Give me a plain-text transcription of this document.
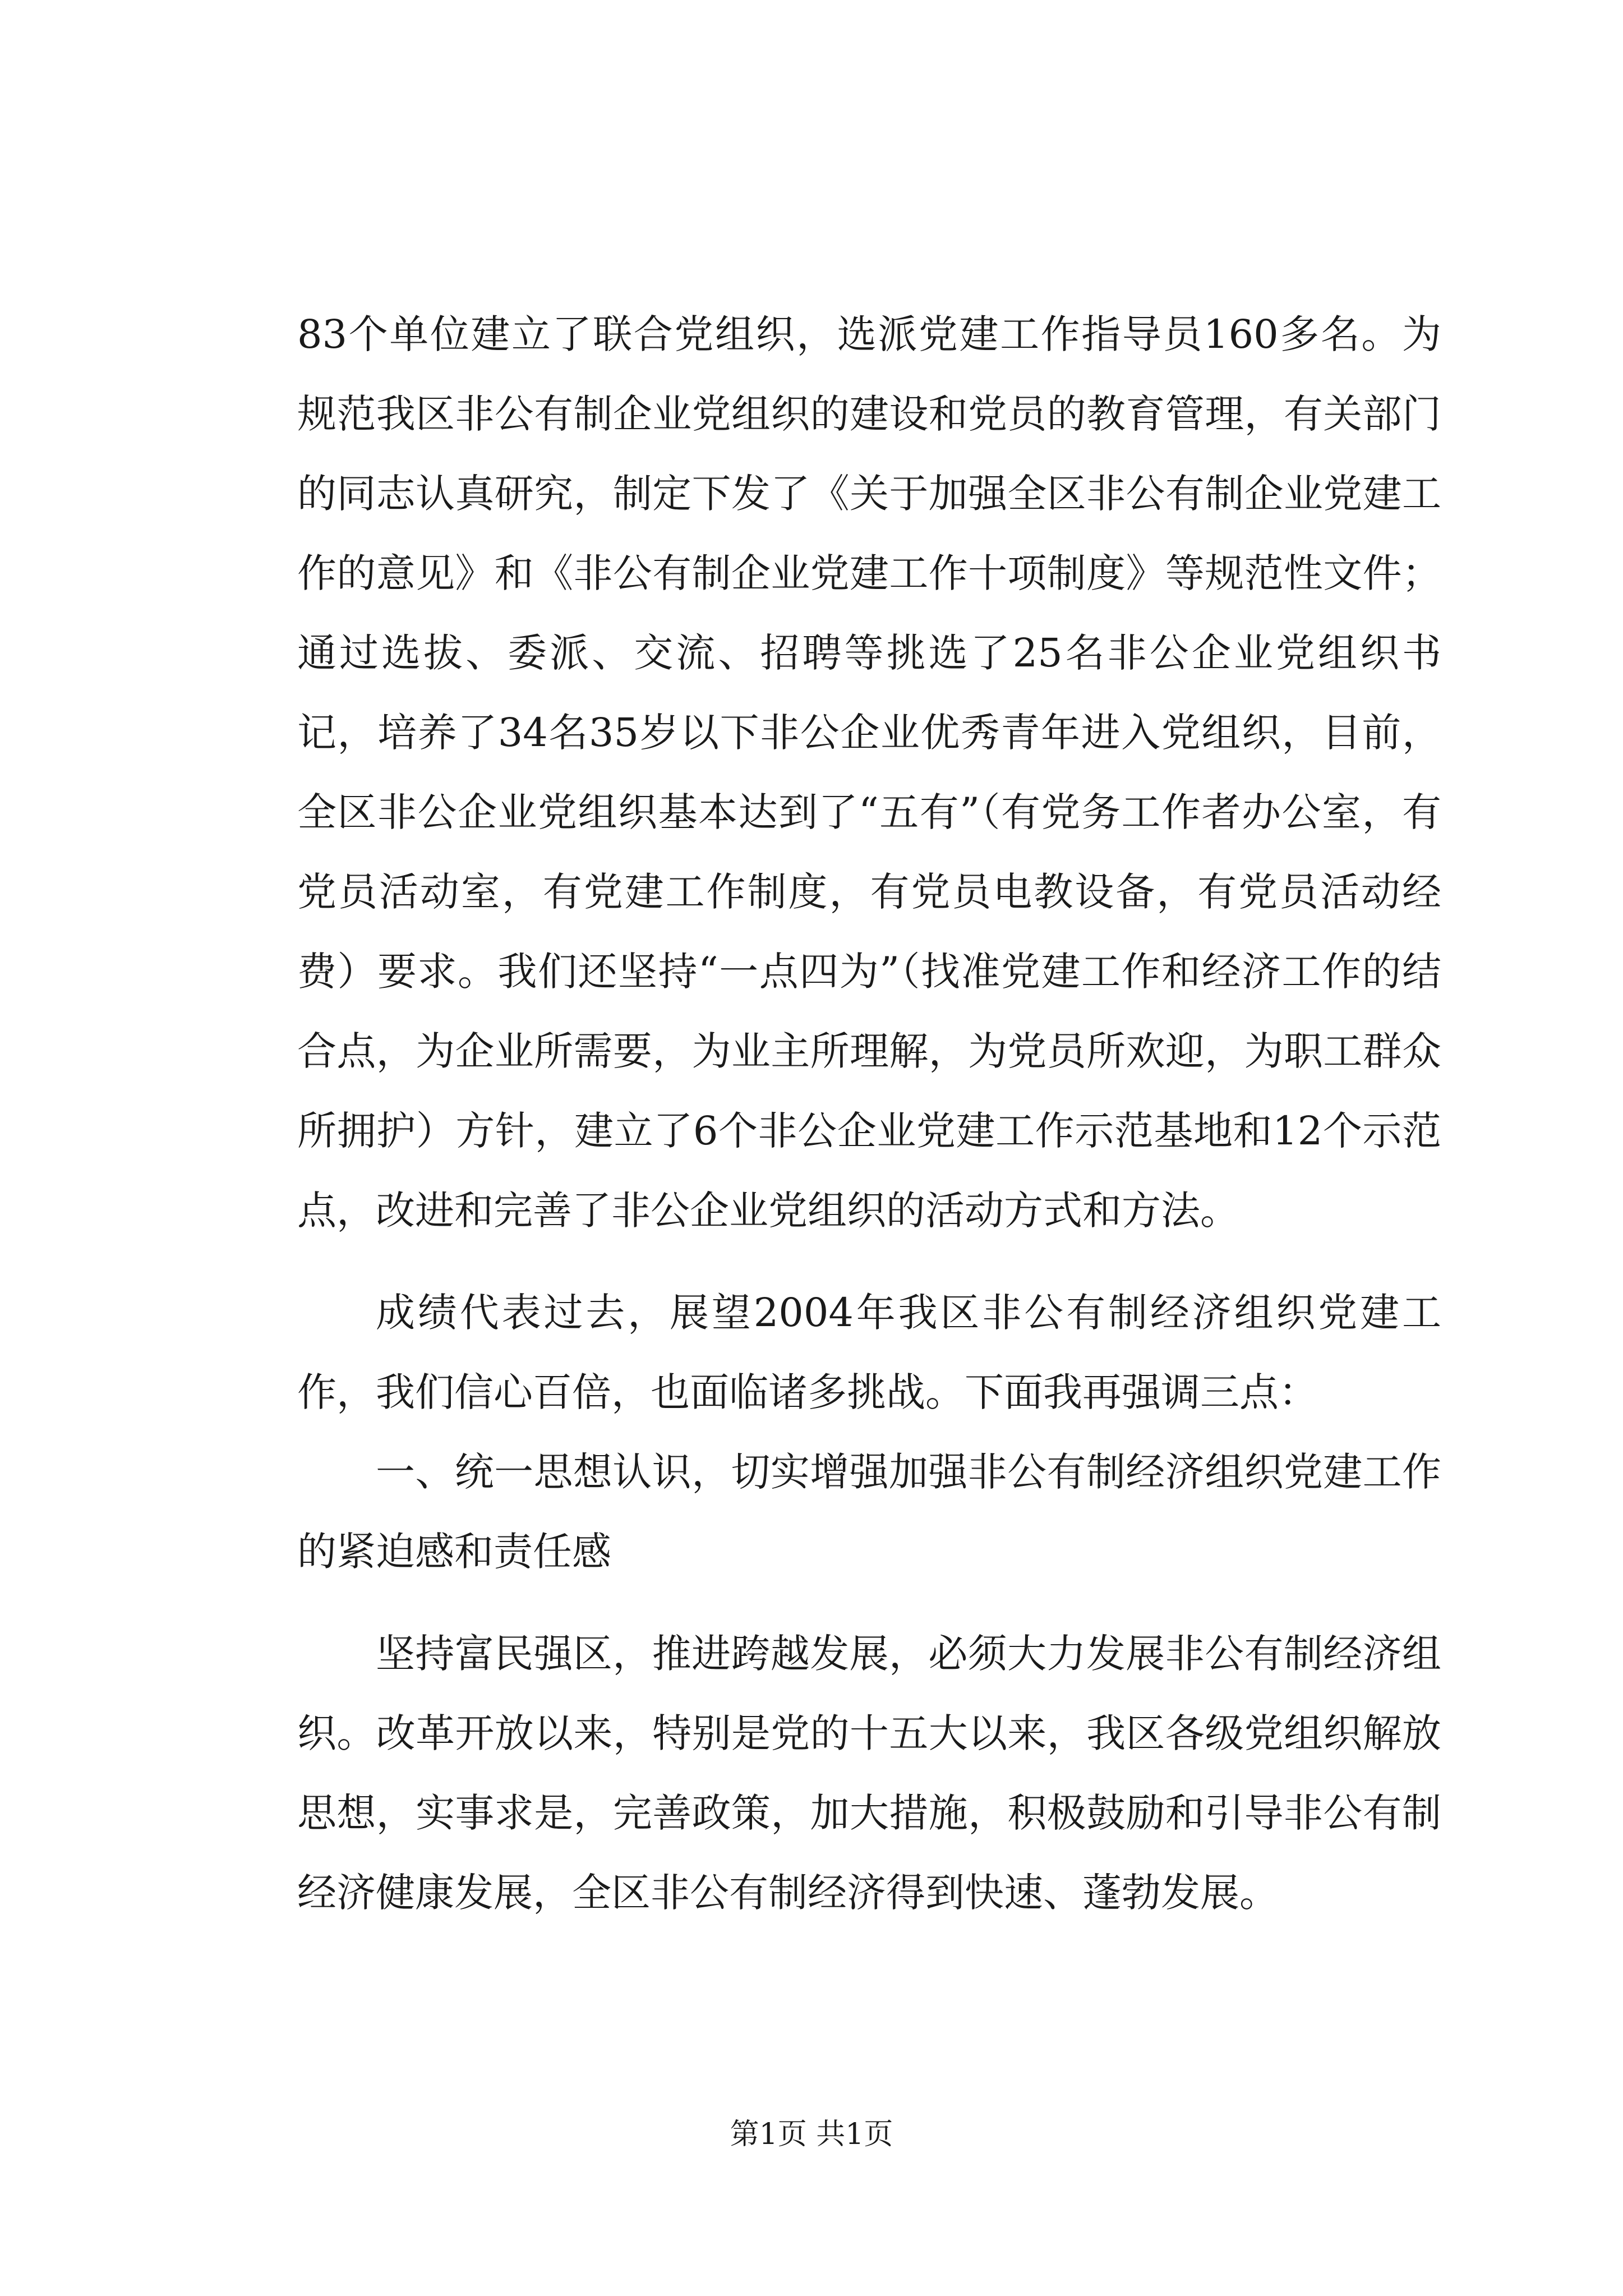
83个单位建立了联合党组织，选派党建工作指导员160多名。为规范我区非公有制企业党组织的建设和党员的教育管理，有关部门的同志认真研究，制定下发了《关于加强全区非公有制企业党建工作的意见》和《非公有制企业党建工作十项制度》等规范性文件；通过选拔、委派、交流、招聘等挑选了25名非公企业党组织书记，培养了34名35岁以下非公企业优秀青年进入党组织，目前，全区非公企业党组织基本达到了“五有”（有党务工作者办公室，有党员活动室，有党建工作制度，有党员电教设备，有党员活动经费）要求。我们还坚持“一点四为”（找准党建工作和经济工作的结合点，为企业所需要，为业主所理解，为党员所欢迎，为职工群众所拥护）方针，建立了6个非公企业党建工作示范基地和12个示范点，改进和完善了非公企业党组织的活动方式和方法。

成绩代表过去，展望2004年我区非公有制经济组织党建工作，我们信心百倍，也面临诸多挑战。下面我再强调三点：

一、统一思想认识，切实增强加强非公有制经济组织党建工作的紧迫感和责任感

坚持富民强区，推进跨越发展，必须大力发展非公有制经济组织。改革开放以来，特别是党的十五大以来，我区各级党组织解放思想，实事求是，完善政策，加大措施，积极鼓励和引导非公有制经济健康发展，全区非公有制经济得到快速、蓬勃发展。

第1页 共1页
